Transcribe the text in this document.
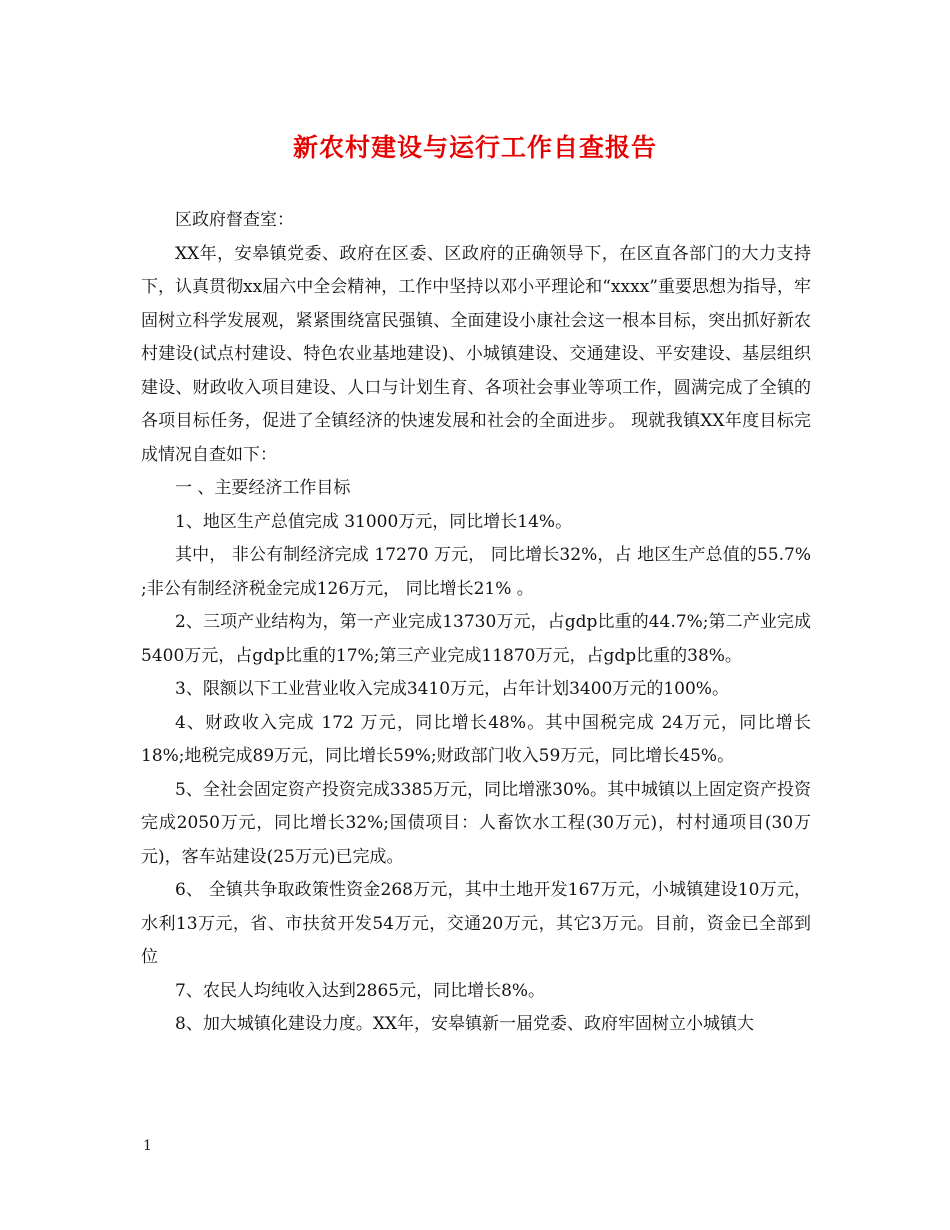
新农村建设与运行工作自查报告

区政府督查室：

XX年，安皋镇党委、政府在区委、区政府的正确领导下，在区直各部门的大力支持下，认真贯彻xx届六中全会精神，工作中坚持以邓小平理论和“xxxx”重要思想为指导，牢固树立科学发展观，紧紧围绕富民强镇、全面建设小康社会这一根本目标，突出抓好新农村建设(试点村建设、特色农业基地建设)、小城镇建设、交通建设、平安建设、基层组织建设、财政收入项目建设、人口与计划生育、各项社会事业等项工作，圆满完成了全镇的各项目标任务，促进了全镇经济的快速发展和社会的全面进步。 现就我镇XX年度目标完成情况自查如下：

一 、主要经济工作目标

1、地区生产总值完成 31000万元，同比增长14%。

其中， 非公有制经济完成 17270 万元， 同比增长32%，占 地区生产总值的55.7% ;非公有制经济税金完成126万元， 同比增长21% 。

2、三项产业结构为，第一产业完成13730万元，占gdp比重的44.7%;第二产业完成5400万元，占gdp比重的17%;第三产业完成11870万元，占gdp比重的38%。

3、限额以下工业营业收入完成3410万元，占年计划3400万元的100%。

4、财政收入完成 172 万元，同比增长48%。其中国税完成 24万元，同比增长18%;地税完成89万元，同比增长59%;财政部门收入59万元，同比增长45%。

5、全社会固定资产投资完成3385万元，同比增涨30%。其中城镇以上固定资产投资完成2050万元，同比增长32%;国债项目：人畜饮水工程(30万元)，村村通项目(30万元)，客车站建设(25万元)已完成。

6、 全镇共争取政策性资金268万元，其中土地开发167万元，小城镇建设10万元，水利13万元，省、市扶贫开发54万元，交通20万元，其它3万元。目前，资金已全部到位

7、农民人均纯收入达到2865元，同比增长8%。

8、加大城镇化建设力度。XX年，安皋镇新一届党委、政府牢固树立小城镇大

1
